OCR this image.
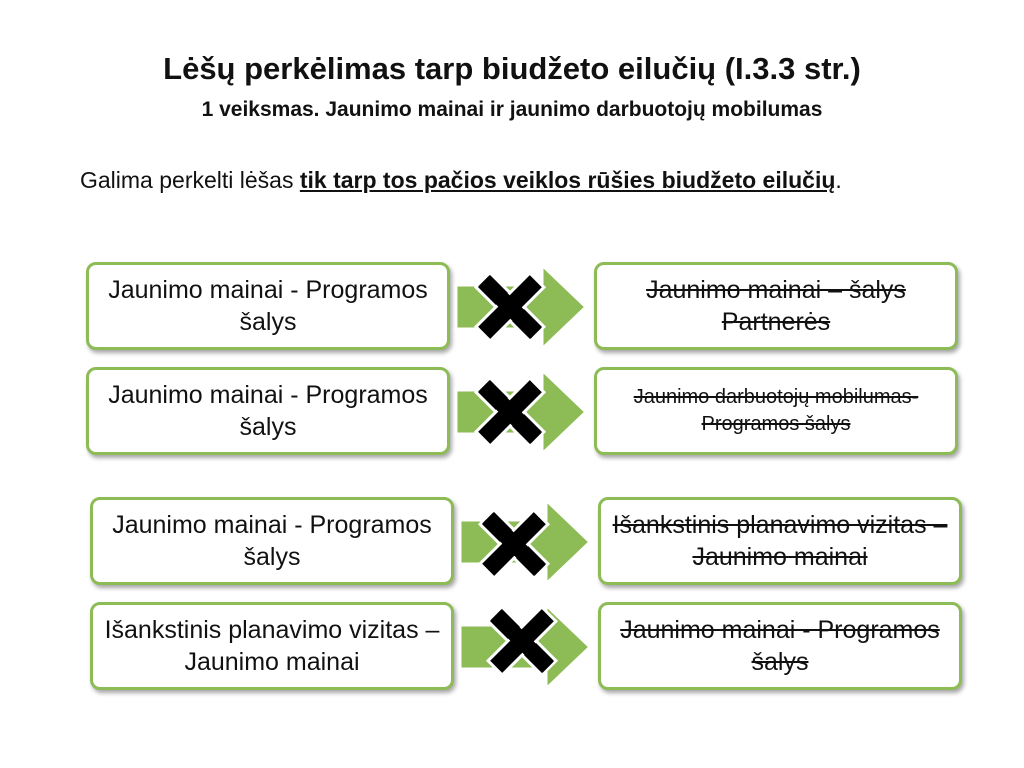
Lėšų perkėlimas tarp biudžeto eilučių (I.3.3 str.)
1 veiksmas. Jaunimo mainai ir jaunimo darbuotojų mobilumas
Galima perkelti lėšas tik tarp tos pačios veiklos rūšies biudžeto eilučių.
Jaunimo mainai - Programos šalys
Jaunimo mainai – šalys Partnerės
Jaunimo mainai - Programos šalys
Jaunimo darbuotojų mobilumas- Programos šalys
Jaunimo mainai - Programos šalys
Išankstinis planavimo vizitas – Jaunimo mainai
Išankstinis planavimo vizitas – Jaunimo mainai
Jaunimo mainai - Programos šalys
